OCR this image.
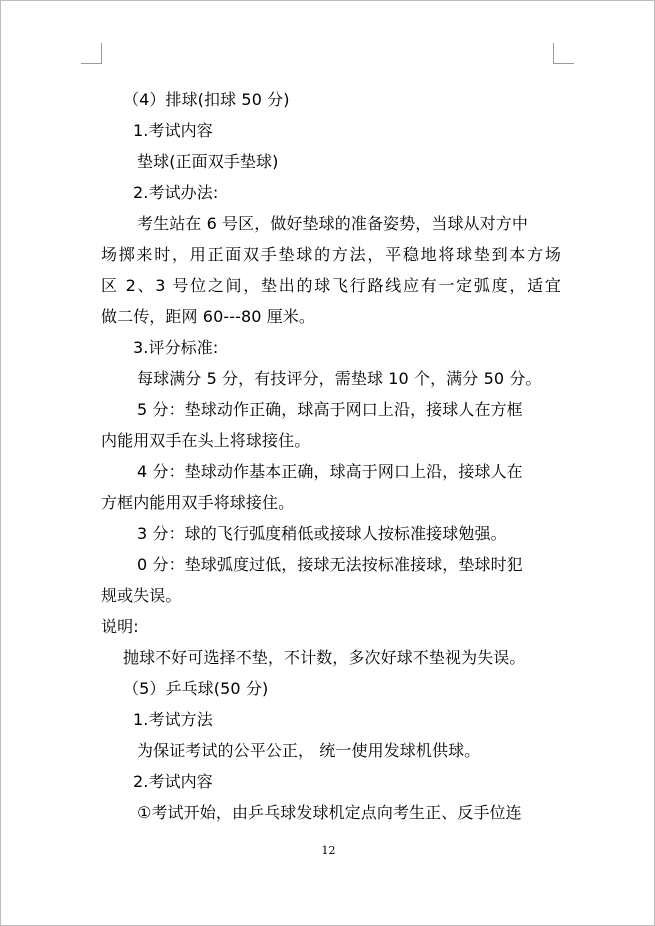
（4）排球(扣球 50 分)
1.考试内容
垫球(正面双手垫球)
2.考试办法:
考生站在 6 号区，做好垫球的准备姿势，当球从对方中
场掷来时，用正面双手垫球的方法，平稳地将球垫到本方场
区 2、3 号位之间，垫出的球飞行路线应有一定弧度，适宜
做二传，距网 60---80 厘米。
3.评分标准:
每球满分 5 分，有技评分，需垫球 10 个，满分 50 分。
5 分：垫球动作正确，球高于网口上沿，接球人在方框
内能用双手在头上将球接住。
4 分：垫球动作基本正确，球高于网口上沿，接球人在
方框内能用双手将球接住。
3 分：球的飞行弧度稍低或接球人按标准接球勉强。
0 分：垫球弧度过低，接球无法按标准接球，垫球时犯
规或失误。
说明:
抛球不好可选择不垫，不计数，多次好球不垫视为失误。
（5）乒乓球(50 分)
1.考试方法
为保证考试的公平公正， 统一使用发球机供球。
2.考试内容
①考试开始，由乒乓球发球机定点向考生正、反手位连
12
